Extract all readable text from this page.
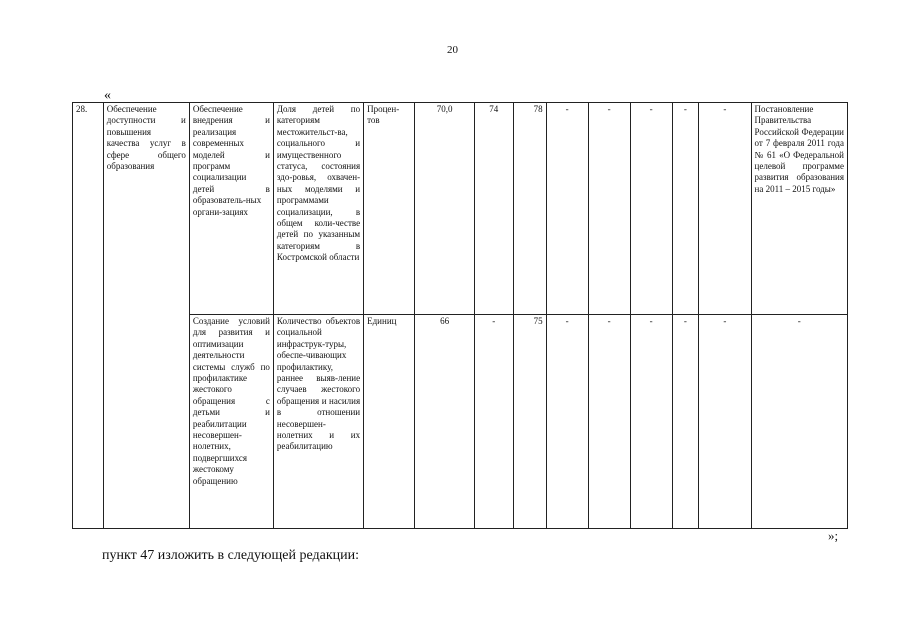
20
«
28.	Обеспечение доступности и повышения качества услуг в сфере общего образования	Обеспечение внедрения и реализация современных моделей и программ социализации детей в образователь-ных органи-зациях	Доля детей по категориям местожительст-ва, социального и имущественного статуса, состояния здо-ровья, охвачен-ных моделями и программами социализации, в общем коли-честве детей по указанным категориям в Костромской области	Процен-тов	70,0	74	78	-	-	-	-	-	Постановление Правительства Российской Федерации от 7 февраля 2011 года № 61 «О Федеральной целевой программе развития образования на 2011 – 2015 годы»
		Создание условий для развития и оптимизации деятельности системы служб по профилактике жестокого обращения с детьми и реабилитации несовершен-нолетних, подвергшихся жестокому обращению	Количество объектов социальной инфраструк-туры, обеспе-чивающих профилактику, раннее выяв-ление случаев жестокого обращения и насилия в отношении несовершен-нолетних и их реабилитацию	Единиц	66	-	75	-	-	-	-	-	-
»;
пункт 47 изложить в следующей редакции:
